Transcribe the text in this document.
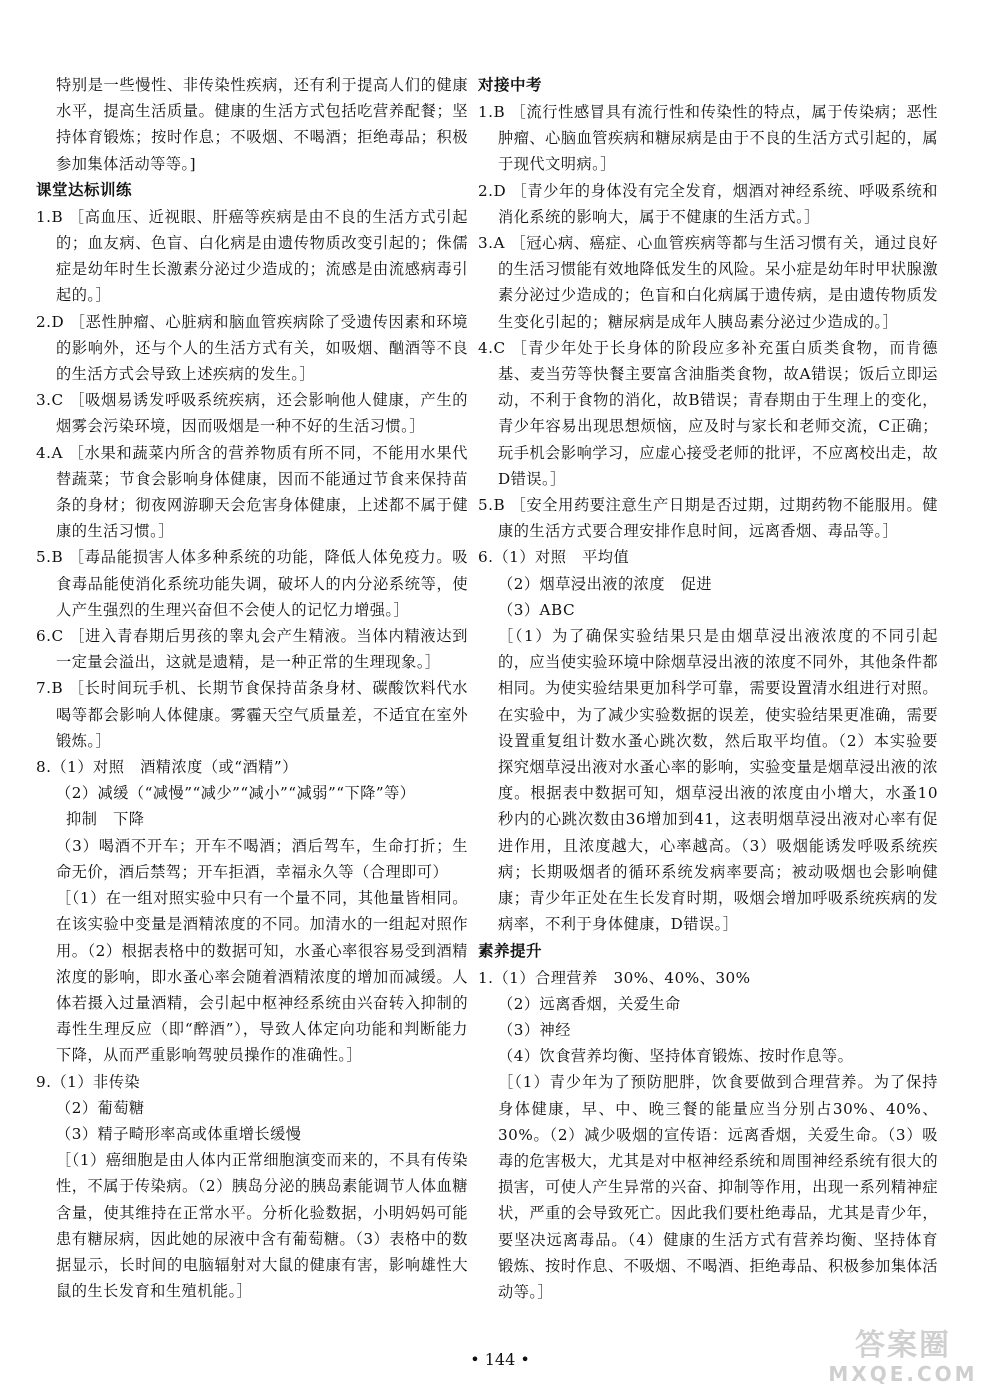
特别是一些慢性、非传染性疾病，还有利于提高人们的健康水平，提高生活质量。健康的生活方式包括吃营养配餐；坚持体育锻炼；按时作息；不吸烟、不喝酒；拒绝毒品；积极参加集体活动等等。]

课堂达标训练

1.B ［高血压、近视眼、肝癌等疾病是由不良的生活方式引起的；血友病、色盲、白化病是由遗传物质改变引起的；侏儒症是幼年时生长激素分泌过少造成的；流感是由流感病毒引起的。］

2.D ［恶性肿瘤、心脏病和脑血管疾病除了受遗传因素和环境的影响外，还与个人的生活方式有关，如吸烟、酗酒等不良的生活方式会导致上述疾病的发生。］

3.C ［吸烟易诱发呼吸系统疾病，还会影响他人健康，产生的烟雾会污染环境，因而吸烟是一种不好的生活习惯。］

4.A ［水果和蔬菜内所含的营养物质有所不同，不能用水果代替蔬菜；节食会影响身体健康，因而不能通过节食来保持苗条的身材；彻夜网游聊天会危害身体健康，上述都不属于健康的生活习惯。］

5.B ［毒品能损害人体多种系统的功能，降低人体免疫力。吸食毒品能使消化系统功能失调，破坏人的内分泌系统等，使人产生强烈的生理兴奋但不会使人的记忆力增强。］

6.C ［进入青春期后男孩的睾丸会产生精液。当体内精液达到一定量会溢出，这就是遗精，是一种正常的生理现象。］

7.B ［长时间玩手机、长期节食保持苗条身材、碳酸饮料代水喝等都会影响人体健康。雾霾天空气质量差，不适宜在室外锻炼。］

8.（1）对照　酒精浓度（或“酒精”）

（2）减缓（“减慢”“减少”“减小”“减弱”“下降”等）

抑制　下降

（3）喝酒不开车；开车不喝酒；酒后驾车，生命打折；生命无价，酒后禁驾；开车拒酒，幸福永久等（合理即可）

［（1）在一组对照实验中只有一个量不同，其他量皆相同。在该实验中变量是酒精浓度的不同。加清水的一组起对照作用。（2）根据表格中的数据可知，水蚤心率很容易受到酒精浓度的影响，即水蚤心率会随着酒精浓度的增加而减缓。人体若摄入过量酒精，会引起中枢神经系统由兴奋转入抑制的毒性生理反应（即“醉酒”），导致人体定向功能和判断能力下降，从而严重影响驾驶员操作的准确性。］

9.（1）非传染

（2）葡萄糖

（3）精子畸形率高或体重增长缓慢

［（1）癌细胞是由人体内正常细胞演变而来的，不具有传染性，不属于传染病。（2）胰岛分泌的胰岛素能调节人体血糖含量，使其维持在正常水平。分析化验数据，小明妈妈可能患有糖尿病，因此她的尿液中含有葡萄糖。（3）表格中的数据显示，长时间的电脑辐射对大鼠的健康有害，影响雄性大鼠的生长发育和生殖机能。］

对接中考

1.B ［流行性感冒具有流行性和传染性的特点，属于传染病；恶性肿瘤、心脑血管疾病和糖尿病是由于不良的生活方式引起的，属于现代文明病。］

2.D ［青少年的身体没有完全发育，烟酒对神经系统、呼吸系统和消化系统的影响大，属于不健康的生活方式。］

3.A ［冠心病、癌症、心血管疾病等都与生活习惯有关，通过良好的生活习惯能有效地降低发生的风险。呆小症是幼年时甲状腺激素分泌过少造成的；色盲和白化病属于遗传病，是由遗传物质发生变化引起的；糖尿病是成年人胰岛素分泌过少造成的。］

4.C ［青少年处于长身体的阶段应多补充蛋白质类食物，而肯德基、麦当劳等快餐主要富含油脂类食物，故A错误；饭后立即运动，不利于食物的消化，故B错误；青春期由于生理上的变化，青少年容易出现思想烦恼，应及时与家长和老师交流，C正确；玩手机会影响学习，应虚心接受老师的批评，不应离校出走，故D错误。］

5.B ［安全用药要注意生产日期是否过期，过期药物不能服用。健康的生活方式要合理安排作息时间，远离香烟、毒品等。］

6.（1）对照　平均值

（2）烟草浸出液的浓度　促进

（3）ABC

［（1）为了确保实验结果只是由烟草浸出液浓度的不同引起的，应当使实验环境中除烟草浸出液的浓度不同外，其他条件都相同。为使实验结果更加科学可靠，需要设置清水组进行对照。在实验中，为了减少实验数据的误差，使实验结果更准确，需要设置重复组计数水蚤心跳次数，然后取平均值。（2）本实验要探究烟草浸出液对水蚤心率的影响，实验变量是烟草浸出液的浓度。根据表中数据可知，烟草浸出液的浓度由小增大，水蚤10秒内的心跳次数由36增加到41，这表明烟草浸出液对心率有促进作用，且浓度越大，心率越高。（3）吸烟能诱发呼吸系统疾病；长期吸烟者的循环系统发病率要高；被动吸烟也会影响健康；青少年正处在生长发育时期，吸烟会增加呼吸系统疾病的发病率，不利于身体健康，D错误。］

素养提升

1.（1）合理营养　30%、40%、30%

（2）远离香烟，关爱生命

（3）神经

（4）饮食营养均衡、坚持体育锻炼、按时作息等。

［（1）青少年为了预防肥胖，饮食要做到合理营养。为了保持身体健康，早、中、晚三餐的能量应当分别占30%、40%、30%。（2）减少吸烟的宣传语：远离香烟，关爱生命。（3）吸毒的危害极大，尤其是对中枢神经系统和周围神经系统有很大的损害，可使人产生异常的兴奋、抑制等作用，出现一系列精神症状，严重的会导致死亡。因此我们要杜绝毒品，尤其是青少年，要坚决远离毒品。（4）健康的生活方式有营养均衡、坚持体育锻炼、按时作息、不吸烟、不喝酒、拒绝毒品、积极参加集体活动等。］

• 144 •	答案圈
MXQE.COM
